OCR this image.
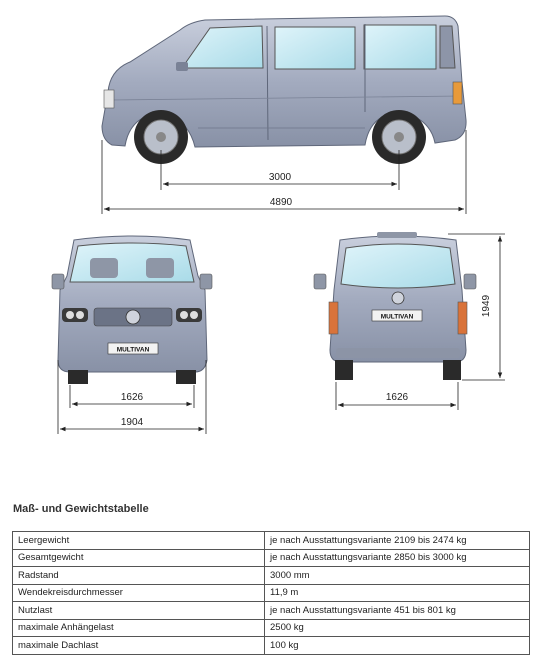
3000
4890
MULTIVAN
1626
1904
MULTIVAN
1626
1949
Maß- und Gewichtstabelle
Leergewicht	je nach Ausstattungsvariante 2109 bis 2474 kg
Gesamtgewicht	je nach Ausstattungsvariante 2850 bis 3000 kg
Radstand	3000 mm
Wendekreisdurchmesser	11,9 m
Nutzlast	je nach Ausstattungsvariante 451 bis 801 kg
maximale Anhängelast	2500 kg
maximale Dachlast	100 kg
